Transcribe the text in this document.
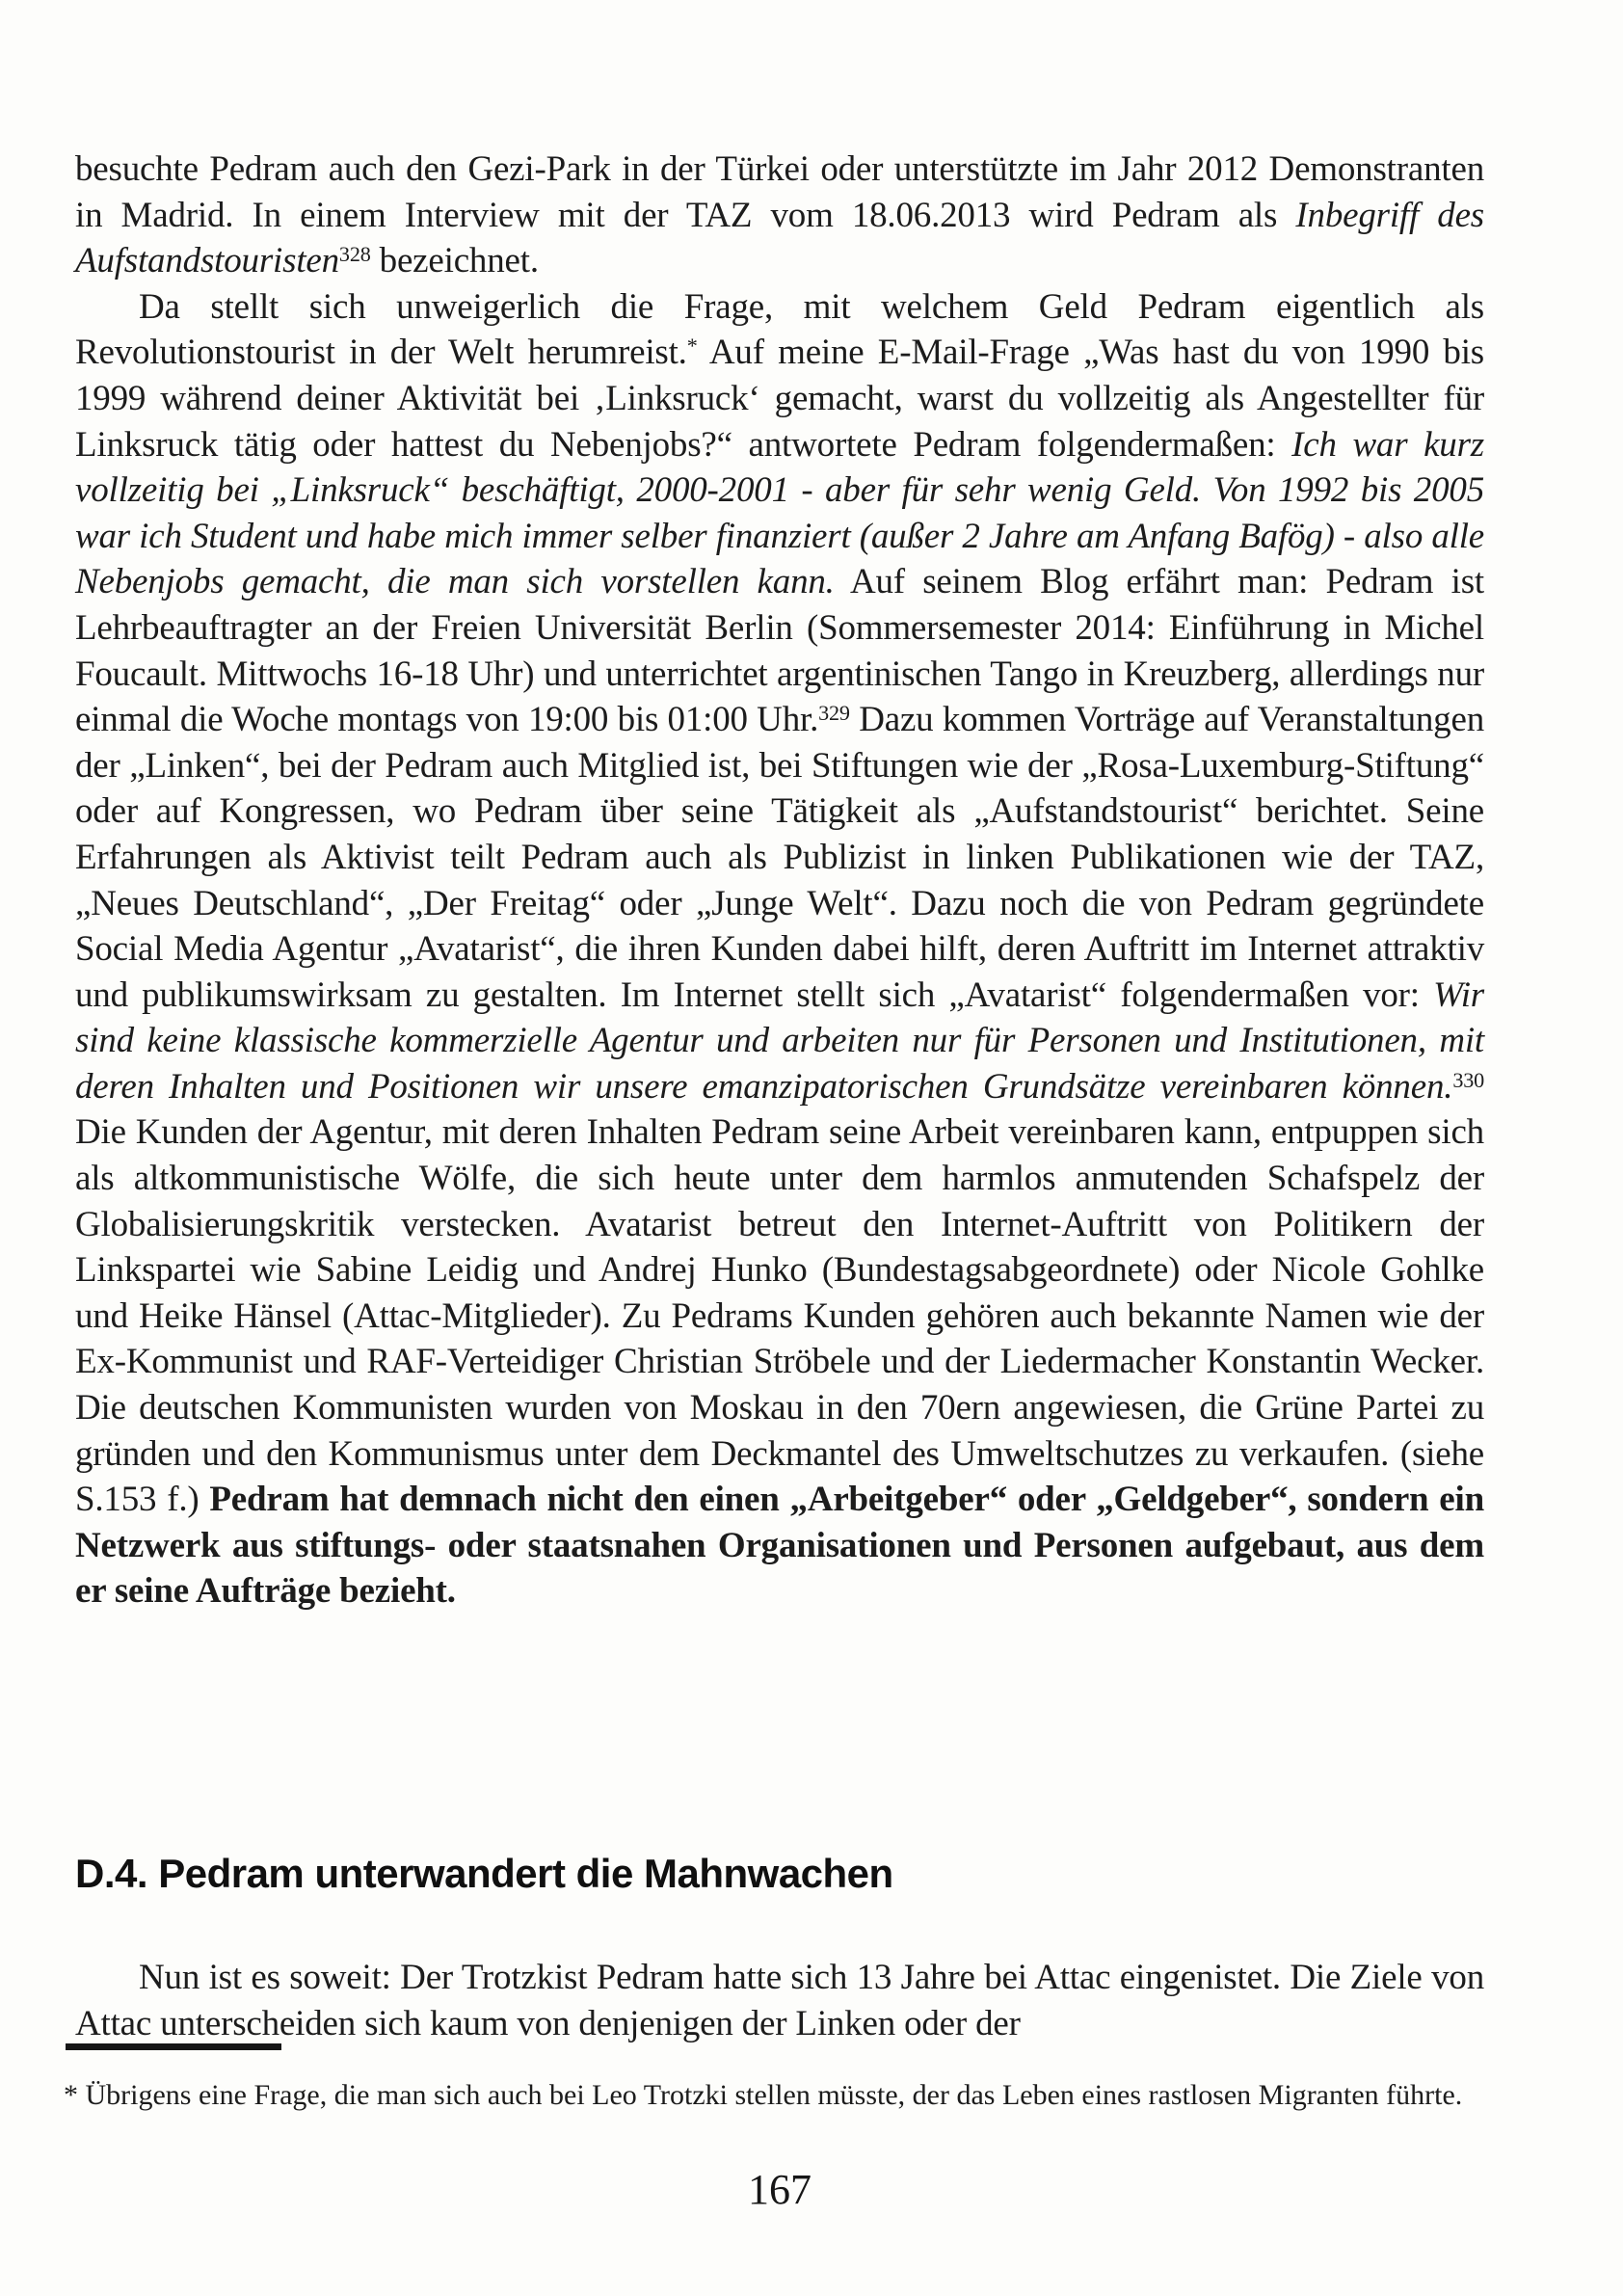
besuchte Pedram auch den Gezi-Park in der Türkei oder unterstützte im Jahr 2012 Demonstranten in Madrid. In einem Interview mit der TAZ vom 18.06.2013 wird Pedram als Inbegriff des Aufstandstouristen$^{328}$ bezeichnet.

Da stellt sich unweigerlich die Frage, mit welchem Geld Pedram eigentlich als Revolutionstourist in der Welt herumreist.* Auf meine E-Mail-Frage „Was hast du von 1990 bis 1999 während deiner Aktivität bei ‚Linksruck‘ gemacht, warst du vollzeitig als Angestellter für Linksruck tätig oder hattest du Nebenjobs?“ antwortete Pedram folgendermaßen: Ich war kurz vollzeitig bei „Linksruck“ beschäftigt, 2000-2001 - aber für sehr wenig Geld. Von 1992 bis 2005 war ich Student und habe mich immer selber finanziert (außer 2 Jahre am Anfang Bafög) - also alle Nebenjobs gemacht, die man sich vorstellen kann. Auf seinem Blog erfährt man: Pedram ist Lehrbeauftragter an der Freien Universität Berlin (Sommersemester 2014: Einführung in Michel Foucault. Mittwochs 16-18 Uhr) und unterrichtet argentinischen Tango in Kreuzberg, allerdings nur einmal die Woche montags von 19:00 bis 01:00 Uhr.$^{329}$ Dazu kommen Vorträge auf Veranstaltungen der „Linken“, bei der Pedram auch Mitglied ist, bei Stiftungen wie der „Rosa-Luxemburg-Stiftung“ oder auf Kongressen, wo Pedram über seine Tätigkeit als „Aufstandstourist“ berichtet. Seine Erfahrungen als Aktivist teilt Pedram auch als Publizist in linken Publikationen wie der TAZ, „Neues Deutschland“, „Der Freitag“ oder „Junge Welt“. Dazu noch die von Pedram gegründete Social Media Agentur „Avatarist“, die ihren Kunden dabei hilft, deren Auftritt im Internet attraktiv und publikumswirksam zu gestalten. Im Internet stellt sich „Avatarist“ folgendermaßen vor: Wir sind keine klassische kommerzielle Agentur und arbeiten nur für Personen und Institutionen, mit deren Inhalten und Positionen wir unsere emanzipatorischen Grundsätze vereinbaren können.$^{330}$ Die Kunden der Agentur, mit deren Inhalten Pedram seine Arbeit vereinbaren kann, entpuppen sich als altkommunistische Wölfe, die sich heute unter dem harmlos anmutenden Schafspelz der Globalisierungskritik verstecken. Avatarist betreut den Internet-Auftritt von Politikern der Linkspartei wie Sabine Leidig und Andrej Hunko (Bundestagsabgeordnete) oder Nicole Gohlke und Heike Hänsel (Attac-Mitglieder). Zu Pedrams Kunden gehören auch bekannte Namen wie der Ex-Kommunist und RAF-Verteidiger Christian Ströbele und der Liedermacher Konstantin Wecker. Die deutschen Kommunisten wurden von Moskau in den 70ern angewiesen, die Grüne Partei zu gründen und den Kommunismus unter dem Deckmantel des Umweltschutzes zu verkaufen. (siehe S.153 f.) Pedram hat demnach nicht den einen „Arbeitgeber“ oder „Geldgeber“, sondern ein Netzwerk aus stiftungs- oder staatsnahen Organisationen und Personen aufgebaut, aus dem er seine Aufträge bezieht.

D.4. Pedram unterwandert die Mahnwachen

Nun ist es soweit: Der Trotzkist Pedram hatte sich 13 Jahre bei Attac eingenistet. Die Ziele von Attac unterscheiden sich kaum von denjenigen der Linken oder der

* Übrigens eine Frage, die man sich auch bei Leo Trotzki stellen müsste, der das Leben eines rastlosen Migranten führte.

167
